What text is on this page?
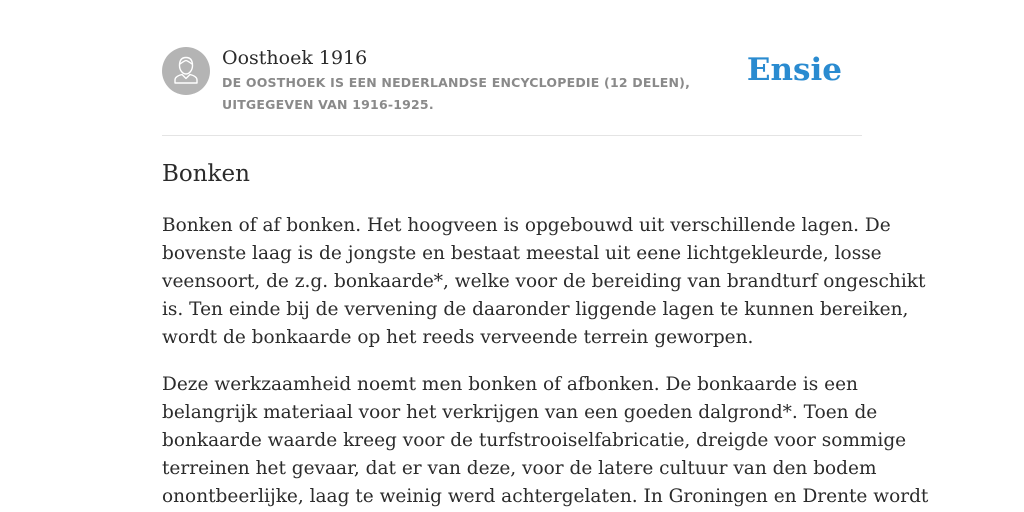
Oosthoek 1916
DE OOSTHOEK IS EEN NEDERLANDSE ENCYCLOPEDIE (12 DELEN), UITGEGEVEN VAN 1916-1925.
Ensie
Bonken

Bonken of af bonken. Het hoogveen is opgebouwd uit verschillende lagen. De
bovenste laag is de jongste en bestaat meestal uit eene lichtgekleurde, losse
veensoort, de z.g. bonkaarde*, welke voor de bereiding van brandturf ongeschikt
is. Ten einde bij de vervening de daaronder liggende lagen te kunnen bereiken,
wordt de bonkaarde op het reeds verveende terrein geworpen.

Deze werkzaamheid noemt men bonken of afbonken. De bonkaarde is een
belangrijk materiaal voor het verkrijgen van een goeden dalgrond*. Toen de
bonkaarde waarde kreeg voor de turfstrooiselfabricatie, dreigde voor sommige
terreinen het gevaar, dat er van deze, voor de latere cultuur van den bodem
onontbeerlijke, laag te weinig werd achtergelaten. In Groningen en Drente wordt
